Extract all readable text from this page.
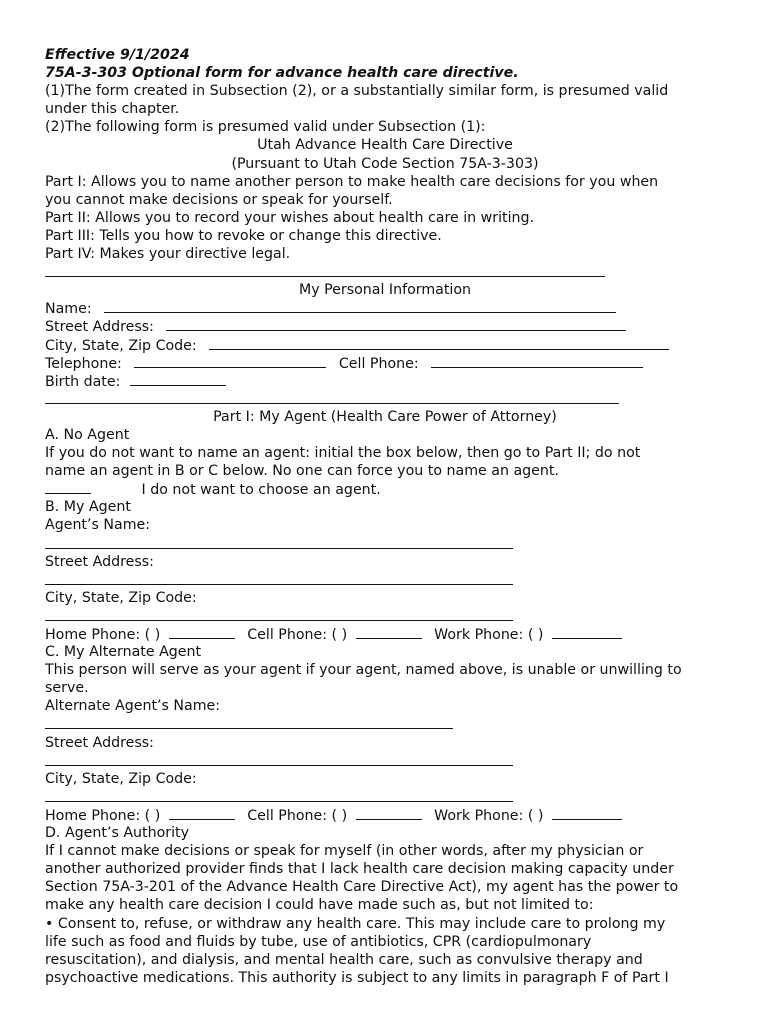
Effective 9/1/2024
75A-3-303 Optional form for advance health care directive.
(1)The form created in Subsection (2), or a substantially similar form, is presumed valid
under this chapter.
(2)The following form is presumed valid under Subsection (1):
Utah Advance Health Care Directive
(Pursuant to Utah Code Section 75A-3-303)
Part I: Allows you to name another person to make health care decisions for you when
you cannot make decisions or speak for yourself.
Part II: Allows you to record your wishes about health care in writing.
Part III: Tells you how to revoke or change this directive.
Part IV: Makes your directive legal.
My Personal Information
Name:
Street Address:
City, State, Zip Code:
Telephone:	Cell Phone:
Birth date:
Part I: My Agent (Health Care Power of Attorney)
A. No Agent
If you do not want to name an agent: initial the box below, then go to Part II; do not
name an agent in B or C below. No one can force you to name an agent.
I do not want to choose an agent.
B. My Agent
Agent’s Name:
Street Address:
City, State, Zip Code:
Home Phone: ( )	Cell Phone: ( )	Work Phone: ( )
C. My Alternate Agent
This person will serve as your agent if your agent, named above, is unable or unwilling to
serve.
Alternate Agent’s Name:
Street Address:
City, State, Zip Code:
Home Phone: ( )	Cell Phone: ( )	Work Phone: ( )
D. Agent’s Authority
If I cannot make decisions or speak for myself (in other words, after my physician or
another authorized provider finds that I lack health care decision making capacity under
Section 75A-3-201 of the Advance Health Care Directive Act), my agent has the power to
make any health care decision I could have made such as, but not limited to:
• Consent to, refuse, or withdraw any health care. This may include care to prolong my
life such as food and fluids by tube, use of antibiotics, CPR (cardiopulmonary
resuscitation), and dialysis, and mental health care, such as convulsive therapy and
psychoactive medications. This authority is subject to any limits in paragraph F of Part I
